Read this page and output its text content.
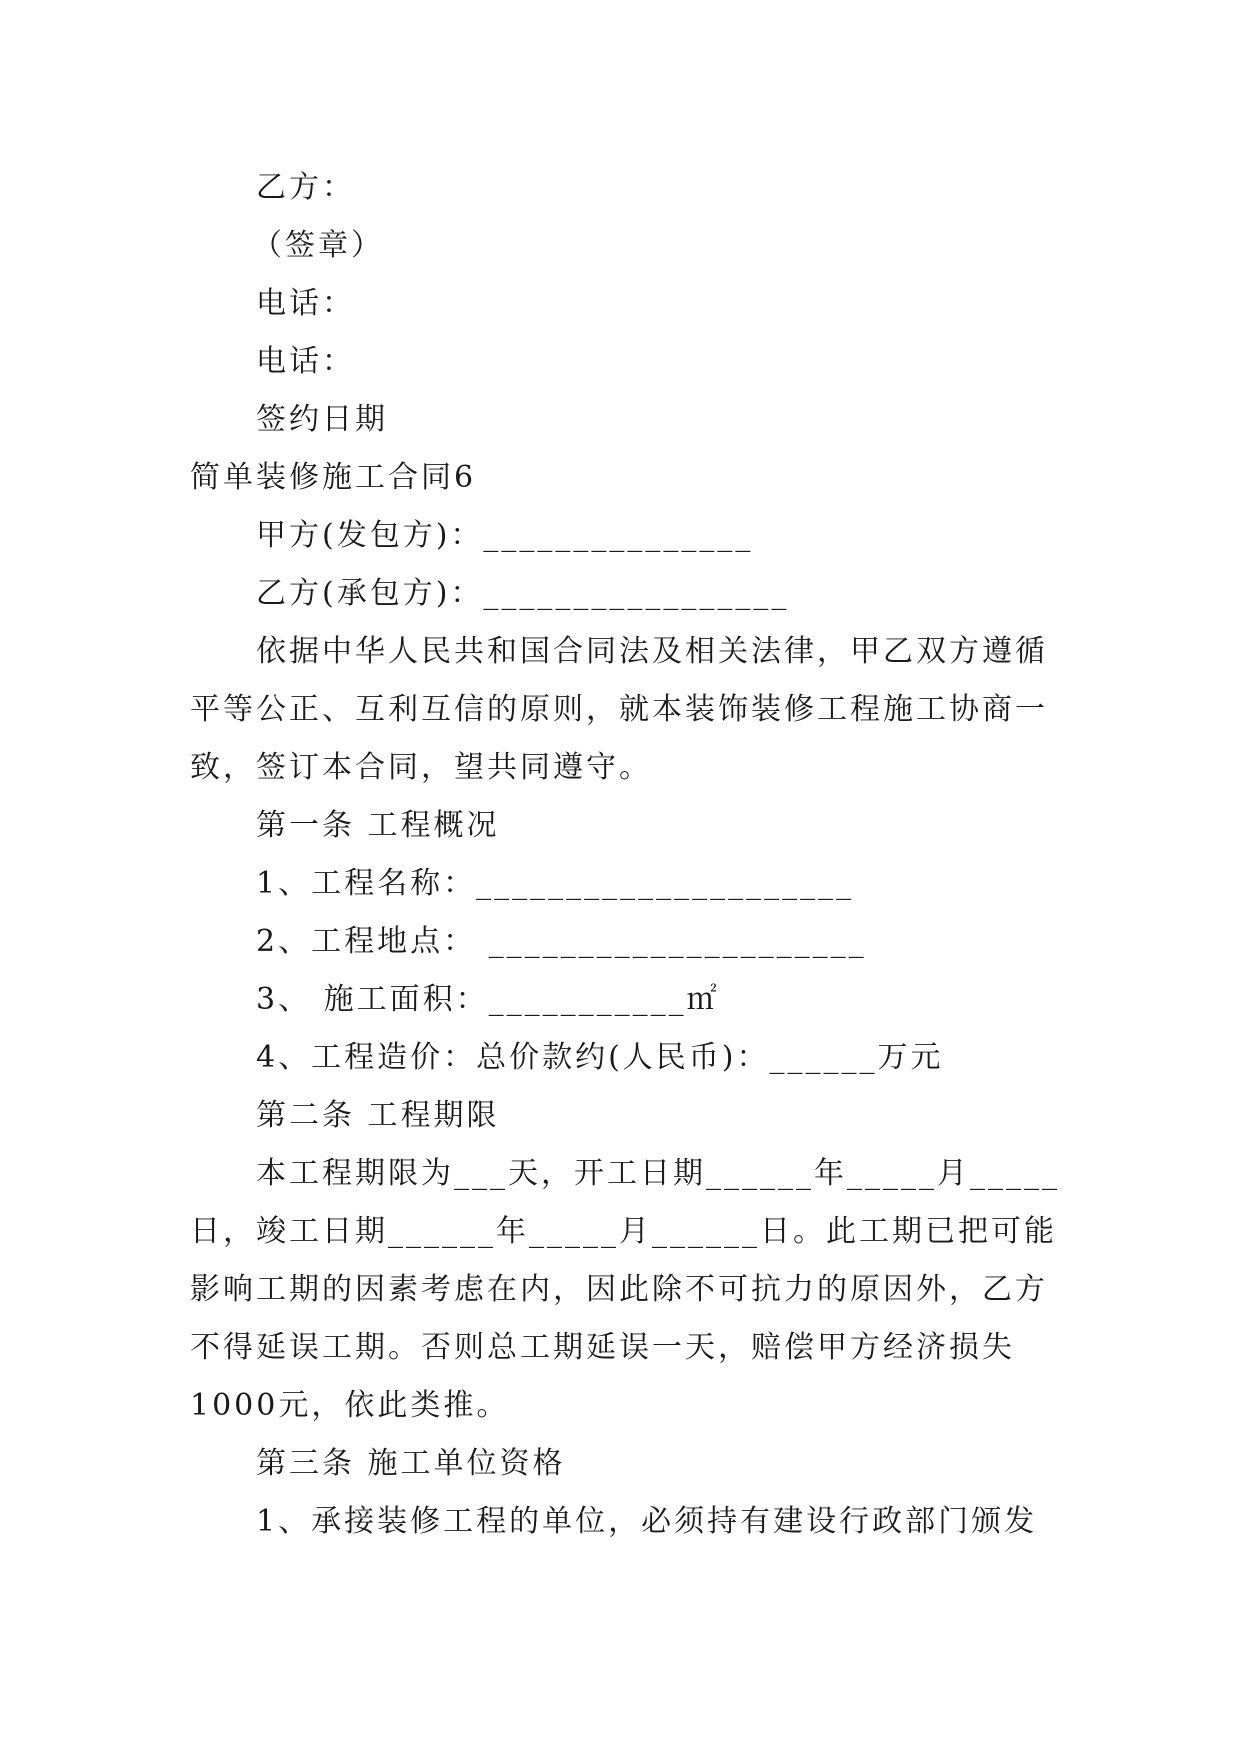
乙方：
（签章）
电话：
电话：
签约日期
简单装修施工合同6
甲方(发包方)：_______________
乙方(承包方)：_________________
依据中华人民共和国合同法及相关法律，甲乙双方遵循
平等公正、互利互信的原则，就本装饰装修工程施工协商一
致，签订本合同，望共同遵守。
第一条 工程概况
1、工程名称：_____________________
2、工程地点： _____________________
3、 施工面积：___________㎡
4、工程造价：总价款约(人民币)：______万元
第二条 工程期限
本工程期限为___天，开工日期______年_____月_____
日，竣工日期______年_____月______日。此工期已把可能
影响工期的因素考虑在内，因此除不可抗力的原因外，乙方
不得延误工期。否则总工期延误一天，赔偿甲方经济损失
1000元，依此类推。
第三条 施工单位资格
1、承接装修工程的单位，必须持有建设行政部门颁发
